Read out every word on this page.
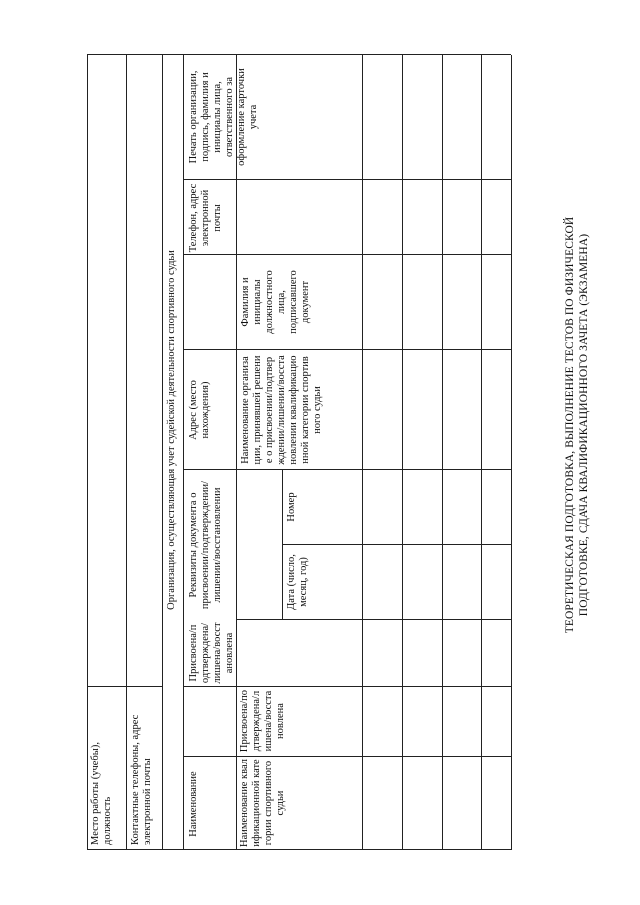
Место работы (учебы), должность Контактные телефоны, адрес электронной почты
Организация, осуществляющая учет судейской деятельности спортивного судьи
Наименование
Реквизиты документа о присвоении/подтверждении/лишении/восстановлении
Адрес (место нахождения)
Телефон, адрес электронной почты
Печать организации, подпись, фамилия и инициалы лица, ответственного за оформление карточки учета
Наименование квалификационной категории спортивного судьи
Присвоена/подтверждена/лишена/восстановлена
Присвоена/подтверждена/лишена/восстановлена
Дата (число, месяц, год)
Номер
Наименование организации, принявшей решение о присвоении/подтверждении/лишении/восстановлении квалификационной категории спортивного судьи
Фамилия и инициалы должностного лица, подписавшего документ	ТЕОРЕТИЧЕСКАЯ ПОДГОТОВКА, ВЫПОЛНЕНИЕ ТЕСТОВ ПО ФИЗИЧЕСКОЙ ПОДГОТОВКЕ, СДАЧА КВАЛИФИКАЦИОННОГО ЗАЧЕТА (ЭКЗАМЕНА)
